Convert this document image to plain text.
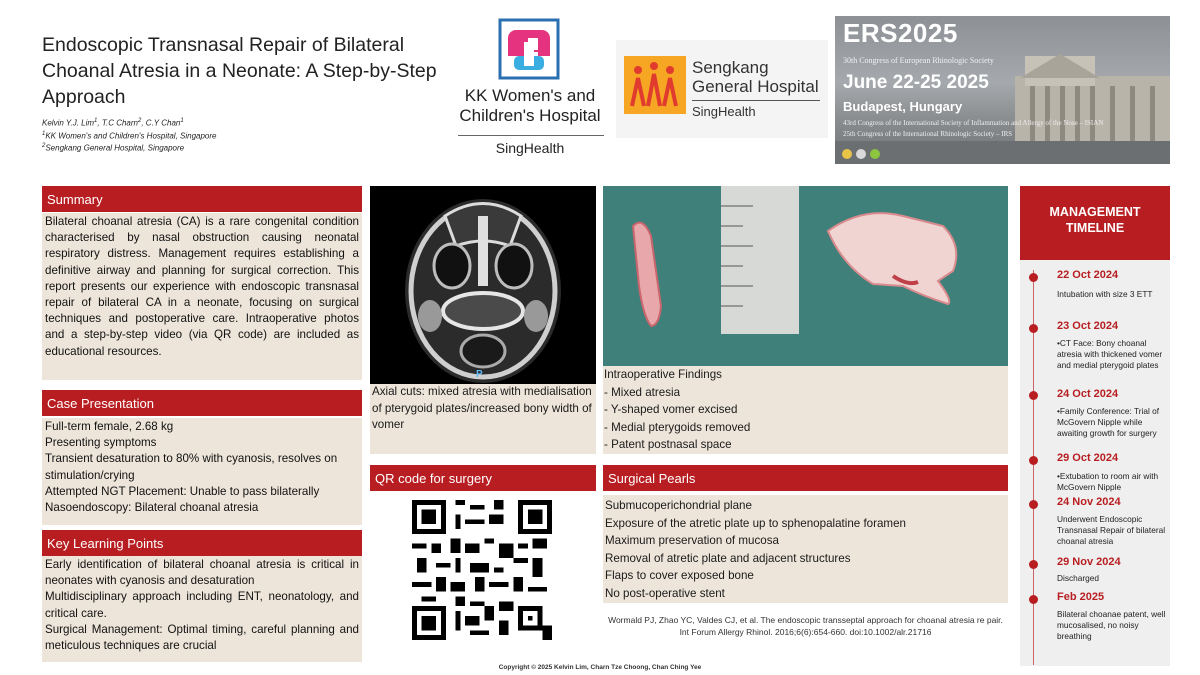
Endoscopic Transnasal Repair of Bilateral Choanal Atresia in a Neonate: A Step-by-Step Approach
Kelvin Y.J. Lim$^1$, T.C Charn$^2$, C.Y Chan$^1$
$^1$KK Women's and Children's Hospital, Singapore
$^2$Sengkang General Hospital, Singapore
KK Women's and
Children's Hospital
SingHealth
Sengkang
General Hospital
SingHealth
ERS2025
30th Congress of European Rhinologic Society
June 22-25 2025
Budapest, Hungary
43rd Congress of the International Society of Inflammation and Allergy of the Nose – ISIAN
25th Congress of the International Rhinologic Society – IRS
Summary
Bilateral choanal atresia (CA) is a rare congenital condition characterised by nasal obstruction causing neonatal respiratory distress. Management requires establishing a definitive airway and planning for surgical correction. This report presents our experience with endoscopic transnasal repair of bilateral CA in a neonate, focusing on surgical techniques and postoperative care. Intraoperative photos and a step-by-step video (via QR code) are included as educational resources.
Case Presentation
Full-term female, 2.68 kg
Presenting symptoms
Transient desaturation to 80% with cyanosis, resolves on stimulation/crying
Attempted NGT Placement: Unable to pass bilaterally
Nasoendoscopy: Bilateral choanal atresia
Key Learning Points
Early identification of bilateral choanal atresia is critical in neonates with cyanosis and desaturation
Multidisciplinary approach including ENT, neonatology, and critical care.
Surgical Management: Optimal timing, careful planning and meticulous techniques are crucial
P
Axial cuts: mixed atresia with medialisation of pterygoid plates/increased bony width of vomer
QR code for surgery
Intraoperative Findings
- Mixed atresia
- Y-shaped vomer excised
- Medial pterygoids removed
- Patent postnasal space
Surgical Pearls
Submucoperichondrial plane
Exposure of the atretic plate up to sphenopalatine foramen
Maximum preservation of mucosa
Removal of atretic plate and adjacent structures
Flaps to cover exposed bone
No post-operative stent
Wormald PJ, Zhao YC, Valdes CJ, et al. The endoscopic transseptal approach for choanal atresia re pair. Int Forum Allergy Rhinol. 2016;6(6):654-660. doi:10.1002/alr.21716
Copyright © 2025 Kelvin Lim, Charn Tze Choong, Chan Ching Yee
MANAGEMENT
TIMELINE
22 Oct 2024
Intubation with size 3 ETT
23 Oct 2024
•CT Face: Bony choanal atresia with thickened vomer and medial pterygoid plates
24 Oct 2024
•Family Conference: Trial of McGovern Nipple while awaiting growth for surgery
29 Oct 2024
•Extubation to room air with McGovern Nipple
24 Nov 2024
Underwent Endoscopic Transnasal Repair of bilateral choanal atresia
29 Nov 2024
Discharged
Feb 2025
Bilateral choanae patent, well mucosalised, no noisy breathing
